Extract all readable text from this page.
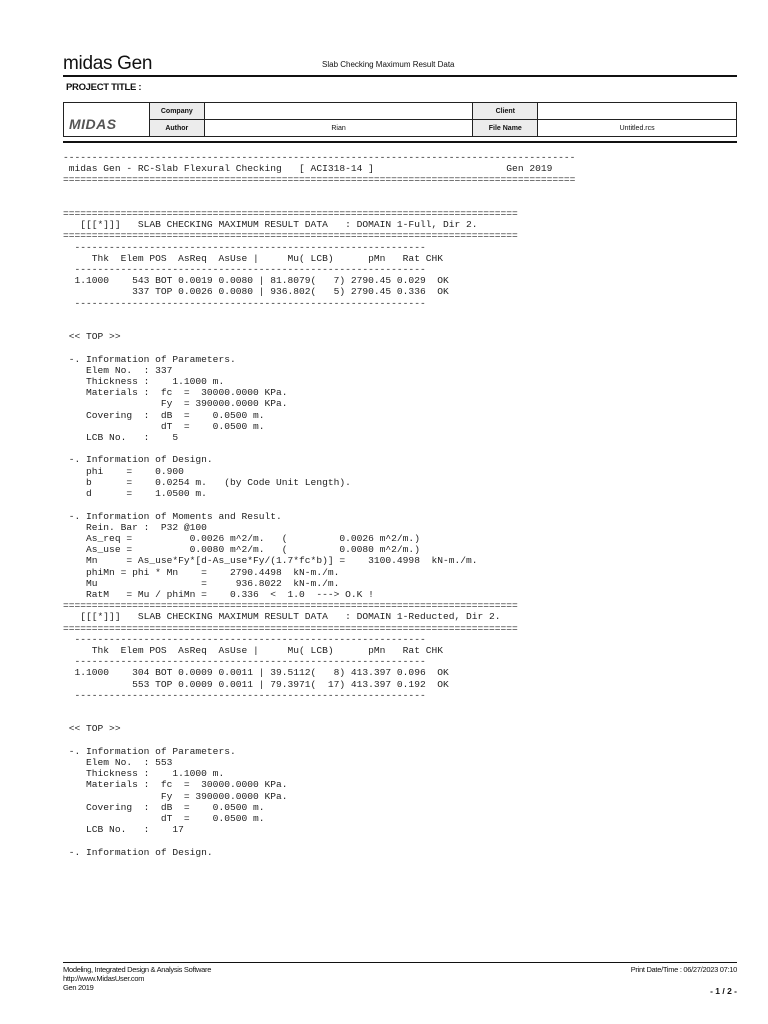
midas Gen	Slab Checking Maximum Result Data
PROJECT TITLE :
	Company		Client	
	Author	Rian	File Name	Untitled.rcs
MIDAS
-----------------------------------------------------------------------------------------
midas Gen - RC-Slab Flexural Checking   [ ACI318-14 ]                       Gen 2019
=========================================================================================

===============================================================================
[[[*]]]   SLAB CHECKING MAXIMUM RESULT DATA   : DOMAIN 1-Full, Dir 2.
===============================================================================
-------------------------------------------------------------
Thk  Elem POS  AsReq  AsUse |     Mu( LCB)      pMn   Rat CHK
-------------------------------------------------------------
1.1000    543 BOT 0.0019 0.0080 | 81.8079(   7) 2790.45 0.029  OK
337 TOP 0.0026 0.0080 | 936.802(   5) 2790.45 0.336  OK
-------------------------------------------------------------

<< TOP >>

-. Information of Parameters.
Elem No.  : 337
Thickness :    1.1000 m.
Materials :  fc  =  30000.0000 KPa.
Fy  = 390000.0000 KPa.
Covering  :  dB  =    0.0500 m.
dT  =    0.0500 m.
LCB No.   :    5

-. Information of Design.
phi    =    0.900
b      =    0.0254 m.   (by Code Unit Length).
d      =    1.0500 m.

-. Information of Moments and Result.
Rein. Bar :  P32 @100
As_req =          0.0026 m^2/m.   (         0.0026 m^2/m.)
As_use =          0.0080 m^2/m.   (         0.0080 m^2/m.)
Mn     = As_use*Fy*[d-As_use*Fy/(1.7*fc*b)] =    3100.4998  kN-m./m.
phiMn = phi * Mn    =    2790.4498  kN-m./m.
Mu                  =     936.8022  kN-m./m.
RatM   = Mu / phiMn =    0.336  <  1.0  ---> O.K !
===============================================================================
[[[*]]]   SLAB CHECKING MAXIMUM RESULT DATA   : DOMAIN 1-Reducted, Dir 2.
===============================================================================
-------------------------------------------------------------
Thk  Elem POS  AsReq  AsUse |     Mu( LCB)      pMn   Rat CHK
-------------------------------------------------------------
1.1000    304 BOT 0.0009 0.0011 | 39.5112(   8) 413.397 0.096  OK
553 TOP 0.0009 0.0011 | 79.3971(  17) 413.397 0.192  OK
-------------------------------------------------------------

<< TOP >>

-. Information of Parameters.
Elem No.  : 553
Thickness :    1.1000 m.
Materials :  fc  =  30000.0000 KPa.
Fy  = 390000.0000 KPa.
Covering  :  dB  =    0.0500 m.
dT  =    0.0500 m.
LCB No.   :    17

-. Information of Design.
Modeling, Integrated Design & Analysis Software
http://www.MidasUser.com
Gen 2019
Print Date/Time : 06/27/2023 07:10
- 1 / 2 -
